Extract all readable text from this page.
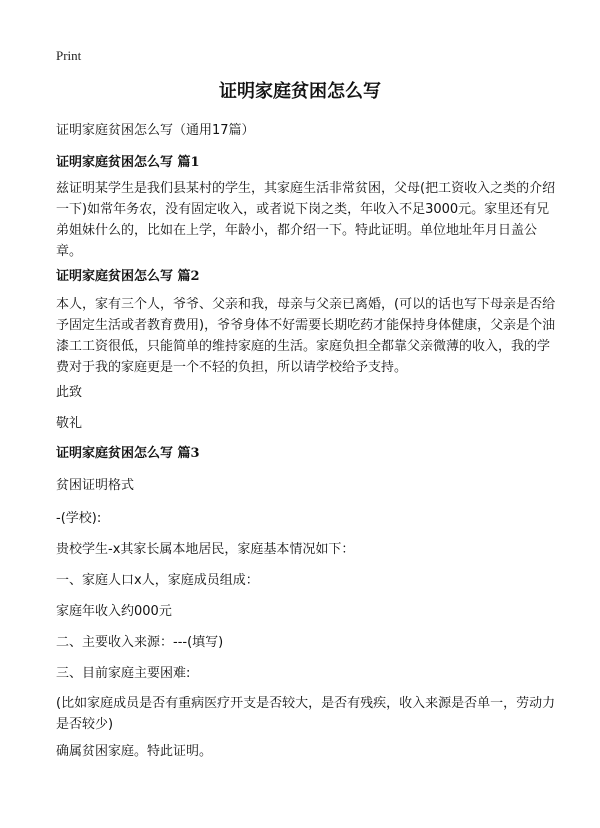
Print
证明家庭贫困怎么写

证明家庭贫困怎么写（通用17篇）

证明家庭贫困怎么写 篇1

兹证明某学生是我们县某村的学生，其家庭生活非常贫困，父母(把工资收入之类的介绍一下)如常年务农，没有固定收入，或者说下岗之类，年收入不足3000元。家里还有兄弟姐妹什么的，比如在上学，年龄小，都介绍一下。特此证明。单位地址年月日盖公章。

证明家庭贫困怎么写 篇2

本人，家有三个人，爷爷、父亲和我，母亲与父亲已离婚，(可以的话也写下母亲是否给予固定生活或者教育费用)，爷爷身体不好需要长期吃药才能保持身体健康，父亲是个油漆工工资很低，只能简单的维持家庭的生活。家庭负担全都靠父亲微薄的收入，我的学费对于我的家庭更是一个不轻的负担，所以请学校给予支持。

此致

敬礼

证明家庭贫困怎么写 篇3

贫困证明格式

-(学校):

贵校学生-x其家长属本地居民，家庭基本情况如下：

一、家庭人口x人，家庭成员组成：

家庭年收入约000元

二、主要收入来源：---(填写)

三、目前家庭主要困难:

(比如家庭成员是否有重病医疗开支是否较大，是否有残疾，收入来源是否单一，劳动力是否较少)

确属贫困家庭。特此证明。
